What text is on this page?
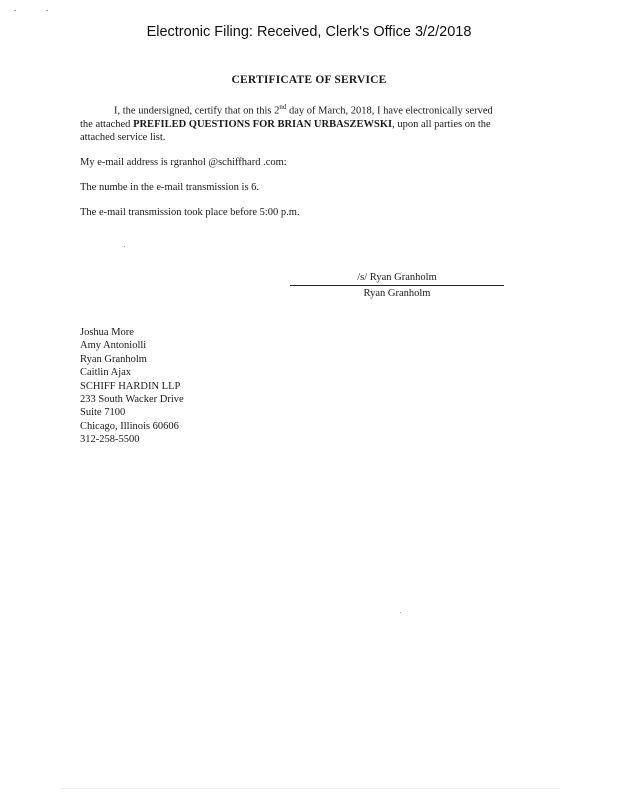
Electronic Filing: Received, Clerk's Office 3/2/2018
CERTIFICATE OF SERVICE
I, the undersigned, certify that on this 2nd day of March, 2018, I have electronically served the attached PREFILED QUESTIONS FOR BRIAN URBASZEWSKI, upon all parties on the attached service list.
My e-mail address is rgranhol @schiffhard .com:
The numbe in the e-mail transmission is 6.
The e-mail transmission took place before 5:00 p.m.
/s/ Ryan Granholm
Ryan Granholm
Joshua More
Amy Antoniolli
Ryan Granholm
Caitlin Ajax
SCHIFF HARDIN LLP
233 South Wacker Drive
Suite 7100
Chicago, Illinois 60606
312-258-5500
